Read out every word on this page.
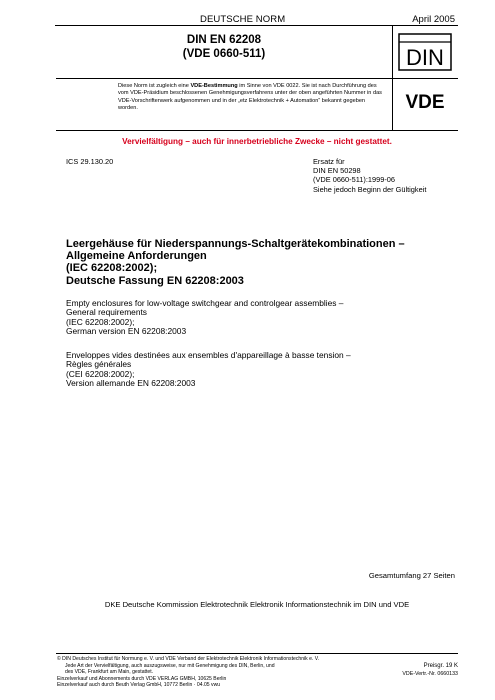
DEUTSCHE NORM	April 2005
DIN EN 62208
(VDE 0660-511)	DIN
Diese Norm ist zugleich eine VDE-Bestimmung im Sinne von VDE 0022. Sie ist nach Durchführung des vom VDE-Präsidium beschlossenen Genehmigungsverfahrens unter der oben angeführten Nummer in das VDE-Vorschriftenwerk aufgenommen und in der „etz Elektrotechnik + Automation“ bekannt gegeben worden.	VDE
Vervielfältigung – auch für innerbetriebliche Zwecke – nicht gestattet.
ICS 29.130.20	Ersatz für
DIN EN 50298
(VDE 0660-511):1999-06
Siehe jedoch Beginn der Gültigkeit
Leergehäuse für Niederspannungs-Schaltgerätekombinationen –
Allgemeine Anforderungen
(IEC 62208:2002);
Deutsche Fassung EN 62208:2003
Empty enclosures for low-voltage switchgear and controlgear assemblies –
General requirements
(IEC 62208:2002);
German version EN 62208:2003
Enveloppes vides destinées aux ensembles d'appareillage à basse tension –
Règles générales
(CEI 62208:2002);
Version allemande EN 62208:2003
Gesamtumfang 27 Seiten
DKE Deutsche Kommission Elektrotechnik Elektronik Informationstechnik im DIN und VDE
© DIN Deutsches Institut für Normung e. V. und VDE Verband der Elektrotechnik Elektronik Informationstechnik e. V.
Jede Art der Vervielfältigung, auch auszugsweise, nur mit Genehmigung des DIN, Berlin, und
des VDE, Frankfurt am Main, gestattet.
Einzelverkauf und Abonnements durch VDE VERLAG GMBH, 10625 Berlin
Einzelverkauf auch durch Beuth Verlag GmbH, 10772 Berlin · 04.05 vwu
Preisgr. 19 K
VDE-Vertr.-Nr. 0660133
